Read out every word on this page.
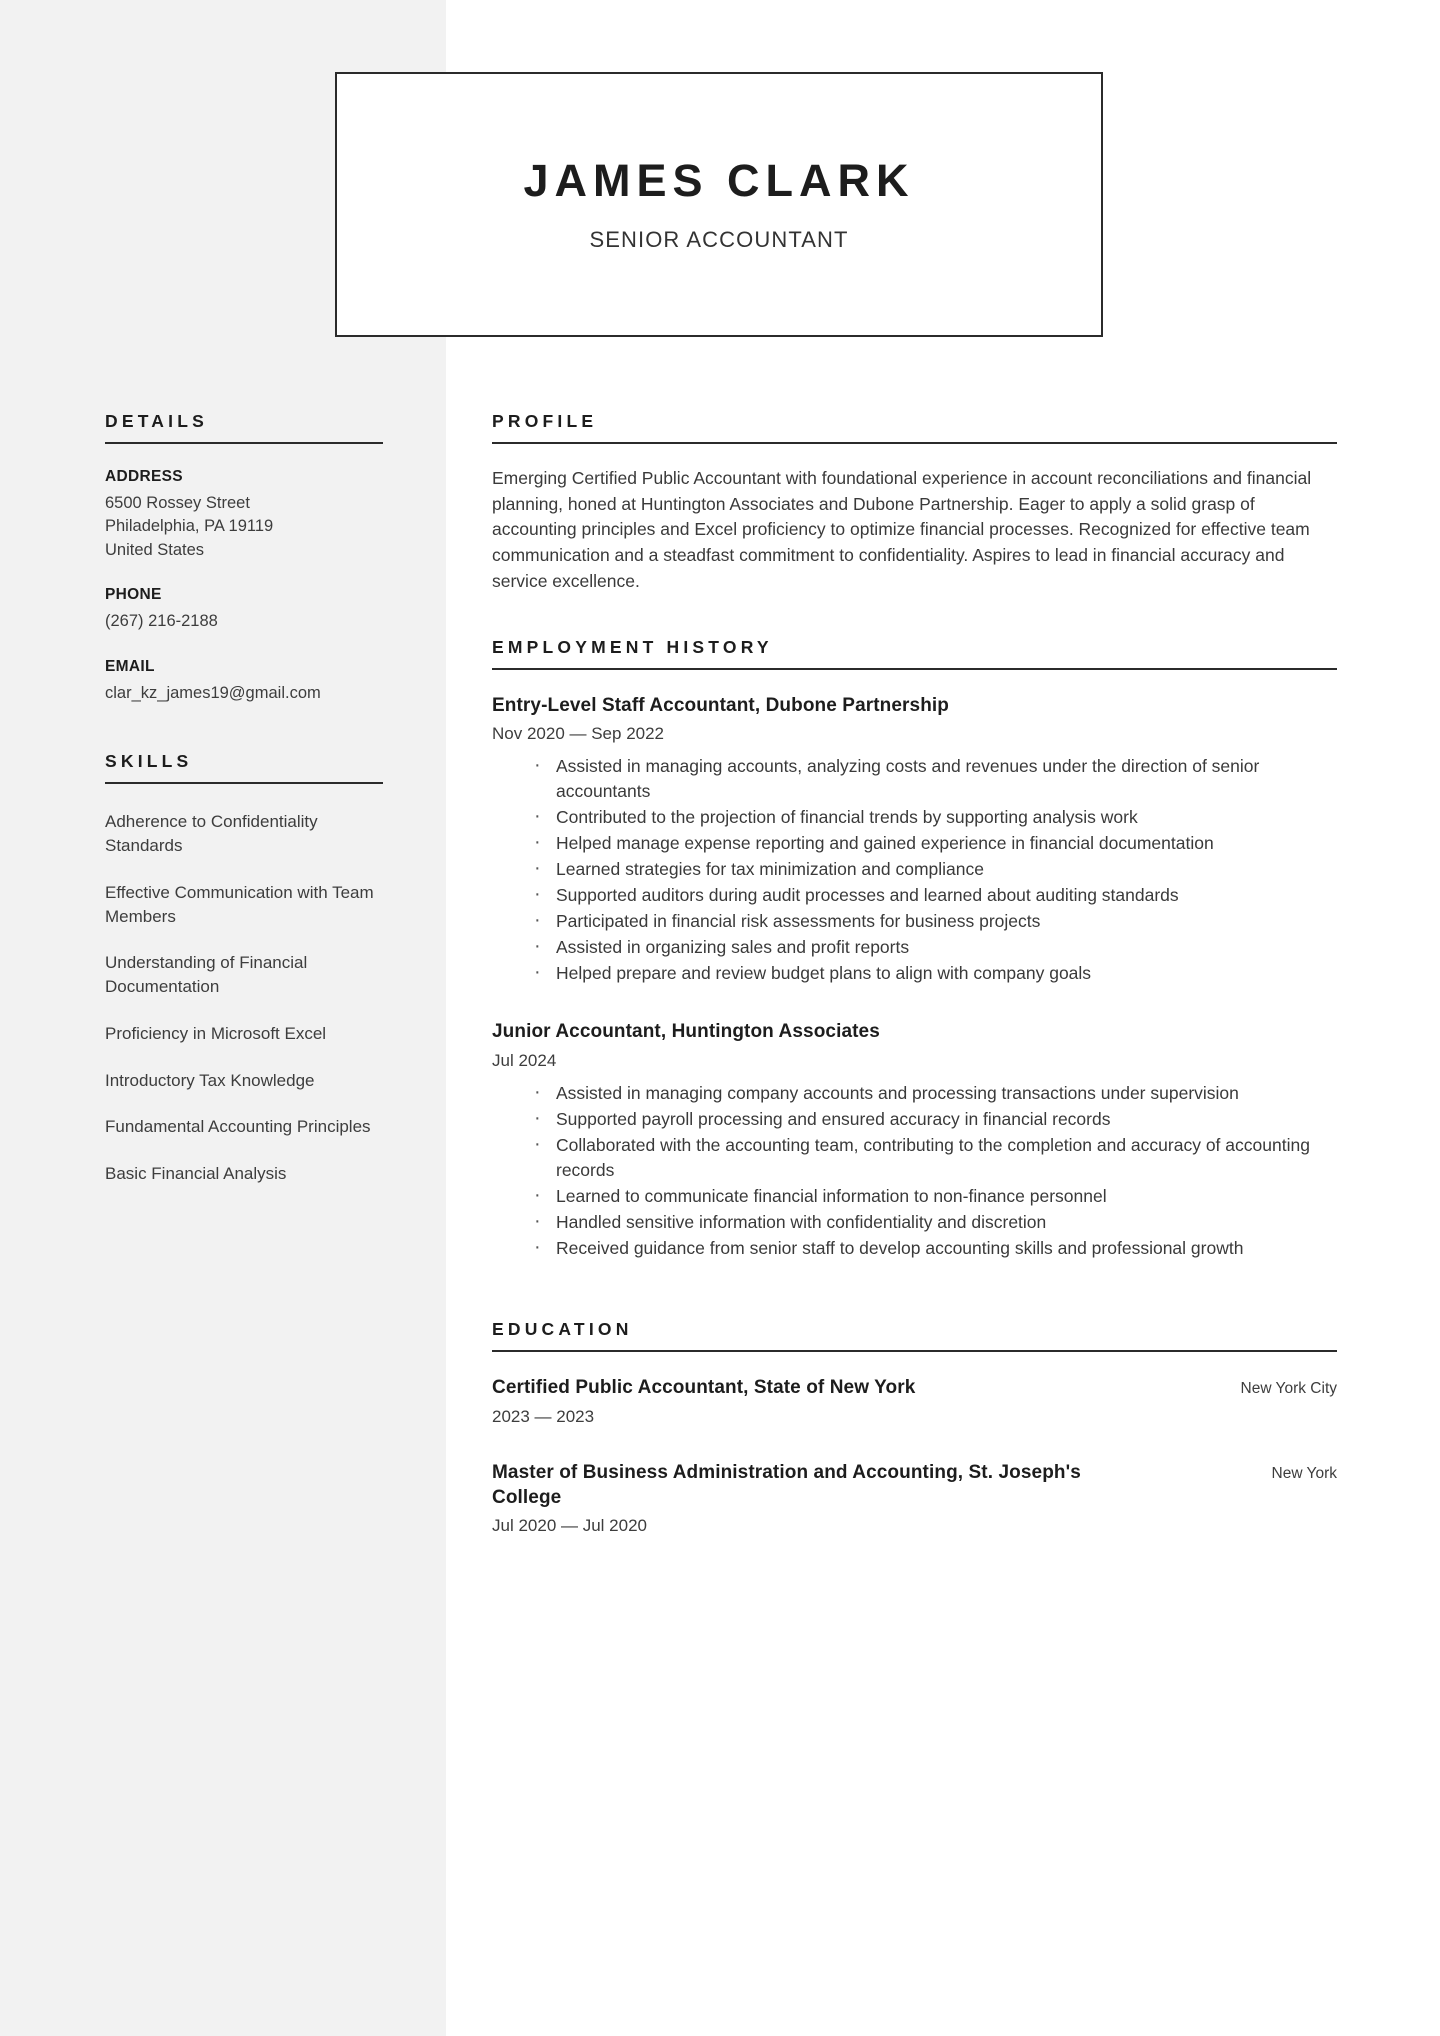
JAMES CLARK
SENIOR ACCOUNTANT
DETAILS
ADDRESS
6500 Rossey Street
Philadelphia, PA 19119
United States
PHONE
(267) 216-2188
EMAIL
clar_kz_james19@gmail.com
SKILLS
Adherence to Confidentiality Standards
Effective Communication with Team Members
Understanding of Financial Documentation
Proficiency in Microsoft Excel
Introductory Tax Knowledge
Fundamental Accounting Principles
Basic Financial Analysis
PROFILE
Emerging Certified Public Accountant with foundational experience in account reconciliations and financial planning, honed at Huntington Associates and Dubone Partnership. Eager to apply a solid grasp of accounting principles and Excel proficiency to optimize financial processes. Recognized for effective team communication and a steadfast commitment to confidentiality. Aspires to lead in financial accuracy and service excellence.
EMPLOYMENT HISTORY
Entry-Level Staff Accountant, Dubone Partnership
Nov 2020 — Sep 2022
· Assisted in managing accounts, analyzing costs and revenues under the direction of senior accountants
· Contributed to the projection of financial trends by supporting analysis work
· Helped manage expense reporting and gained experience in financial documentation
· Learned strategies for tax minimization and compliance
· Supported auditors during audit processes and learned about auditing standards
· Participated in financial risk assessments for business projects
· Assisted in organizing sales and profit reports
· Helped prepare and review budget plans to align with company goals
Junior Accountant, Huntington Associates
Jul 2024
· Assisted in managing company accounts and processing transactions under supervision
· Supported payroll processing and ensured accuracy in financial records
· Collaborated with the accounting team, contributing to the completion and accuracy of accounting records
· Learned to communicate financial information to non-finance personnel
· Handled sensitive information with confidentiality and discretion
· Received guidance from senior staff to develop accounting skills and professional growth
EDUCATION
Certified Public Accountant, State of New York	New York City
2023 — 2023
Master of Business Administration and Accounting, St. Joseph's College
New York
Jul 2020 — Jul 2020
